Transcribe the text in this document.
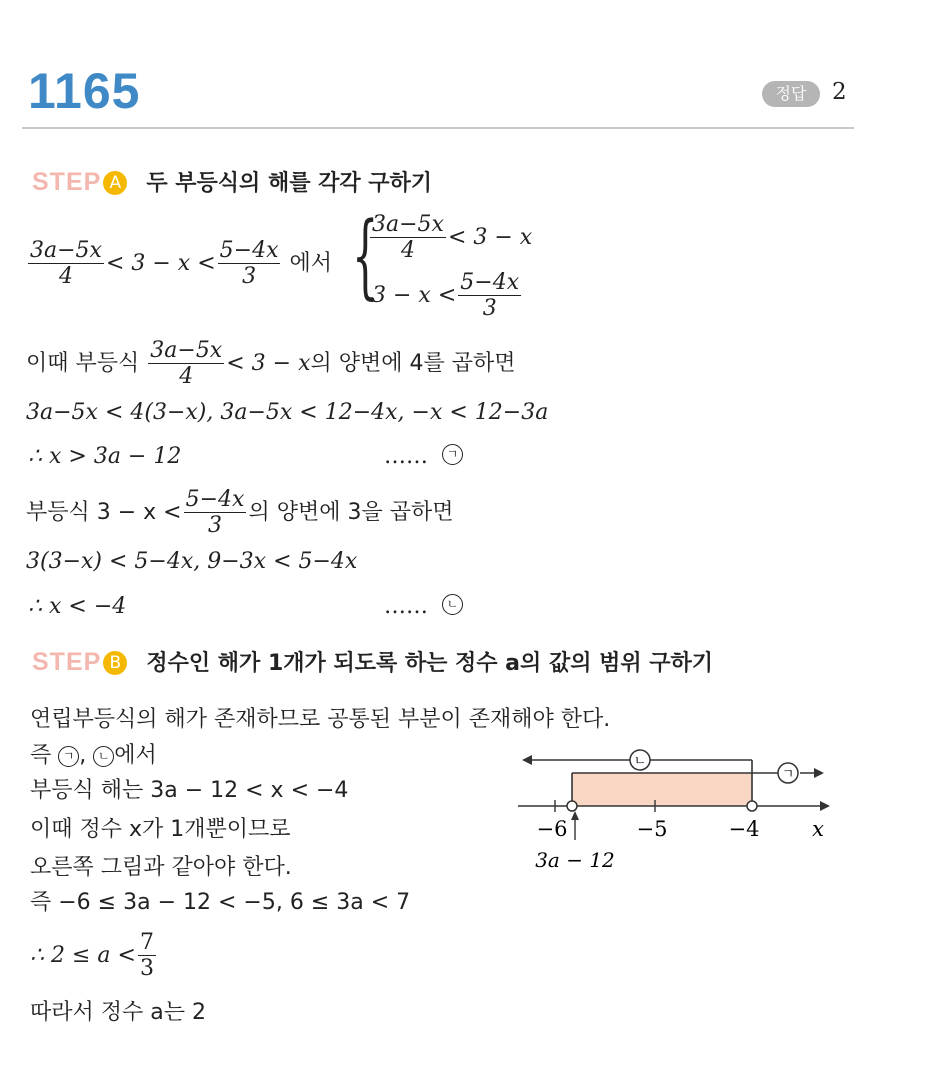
1165	정답	2
STEP A 두 부등식의 해를 각각 구하기
$\frac{3a-5x}{4} < 3 - x < \frac{5-4x}{3}$ 에서 {
$\frac{3a-5x}{4} < 3 - x$
$3 - x < \frac{5-4x}{3}$
이때 부등식 $\frac{3a-5x}{4} < 3 - x$의 양변에 4를 곱하면
3a−5x < 4(3−x), 3a−5x < 12−4x, −x < 12−3a
∴ x > 3a − 12	……	ㄱ
부등식 $3 - x < \frac{5-4x}{3}$ 의 양변에 3을 곱하면
3(3−x) < 5−4x, 9−3x < 5−4x
∴ x < −4	……	ㄴ
STEP B 정수인 해가 1개가 되도록 하는 정수 a의 값의 범위 구하기
연립부등식의 해가 존재하므로 공통된 부분이 존재해야 한다.
즉 ㄱ , ㄴ 에서
부등식 해는 3a − 12 < x < −4
이때 정수 x가 1개뿐이므로
오른쪽 그림과 같아야 한다.
즉 −6 ≤ 3a − 12 < −5, 6 ≤ 3a < 7
∴ $2 \le a < \frac{7}{3}$
따라서 정수 a는 2
ㄴ
ㄱ
−6	−5	−4	x
3a − 12
